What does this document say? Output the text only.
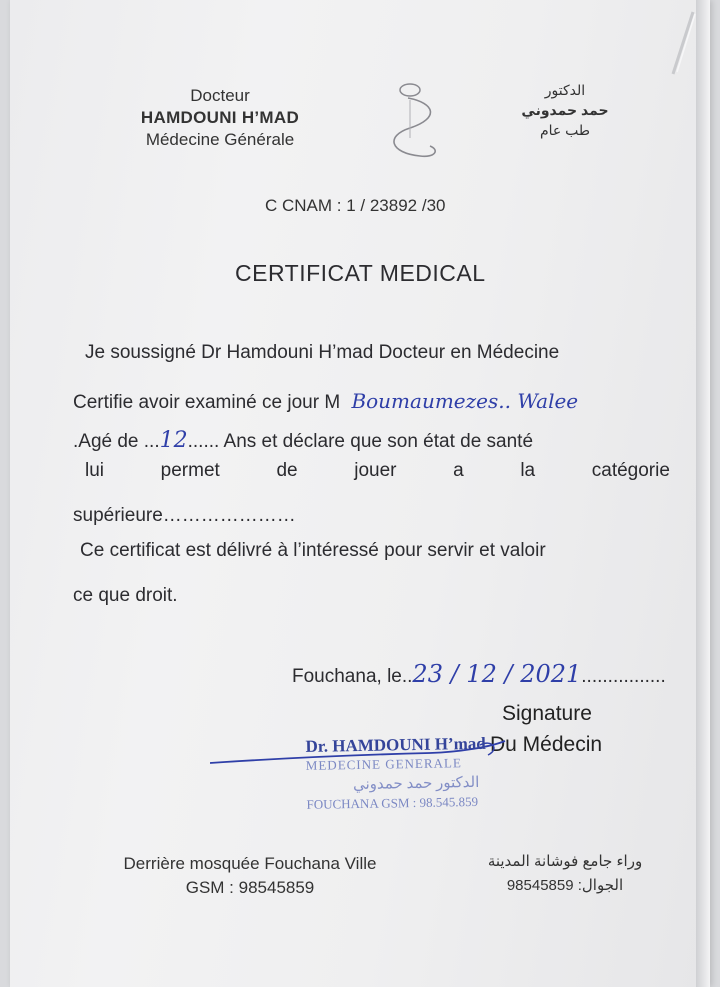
Docteur
HAMDOUNI H’MAD
Médecine Générale
الدكتور
حمد حمدوني
طب عام
C CNAM : 1 / 23892 /30
CERTIFICAT MEDICAL
Je soussigné Dr Hamdouni H’mad Docteur en Médecine
Certifie avoir examiné ce jour M Boumaumezes.. Walee
.Agé de ...12...... Ans et déclare que son état de santé
lui	permet	de	jouer	a	la	catégorie
supérieure…………………
Ce certificat est délivré à l’intéressé pour servir et valoir
ce que droit.
Fouchana, le..23 / 12 / 2021................
Signature
Du Médecin
Dr. HAMDOUNI H’mad
MEDECINE GENERALE
الدكتور حمد حمدوني
FOUCHANA GSM : 98.545.859
Derrière mosquée Fouchana Ville
GSM : 98545859
وراء جامع فوشانة المدينة
الجوال: 98545859
